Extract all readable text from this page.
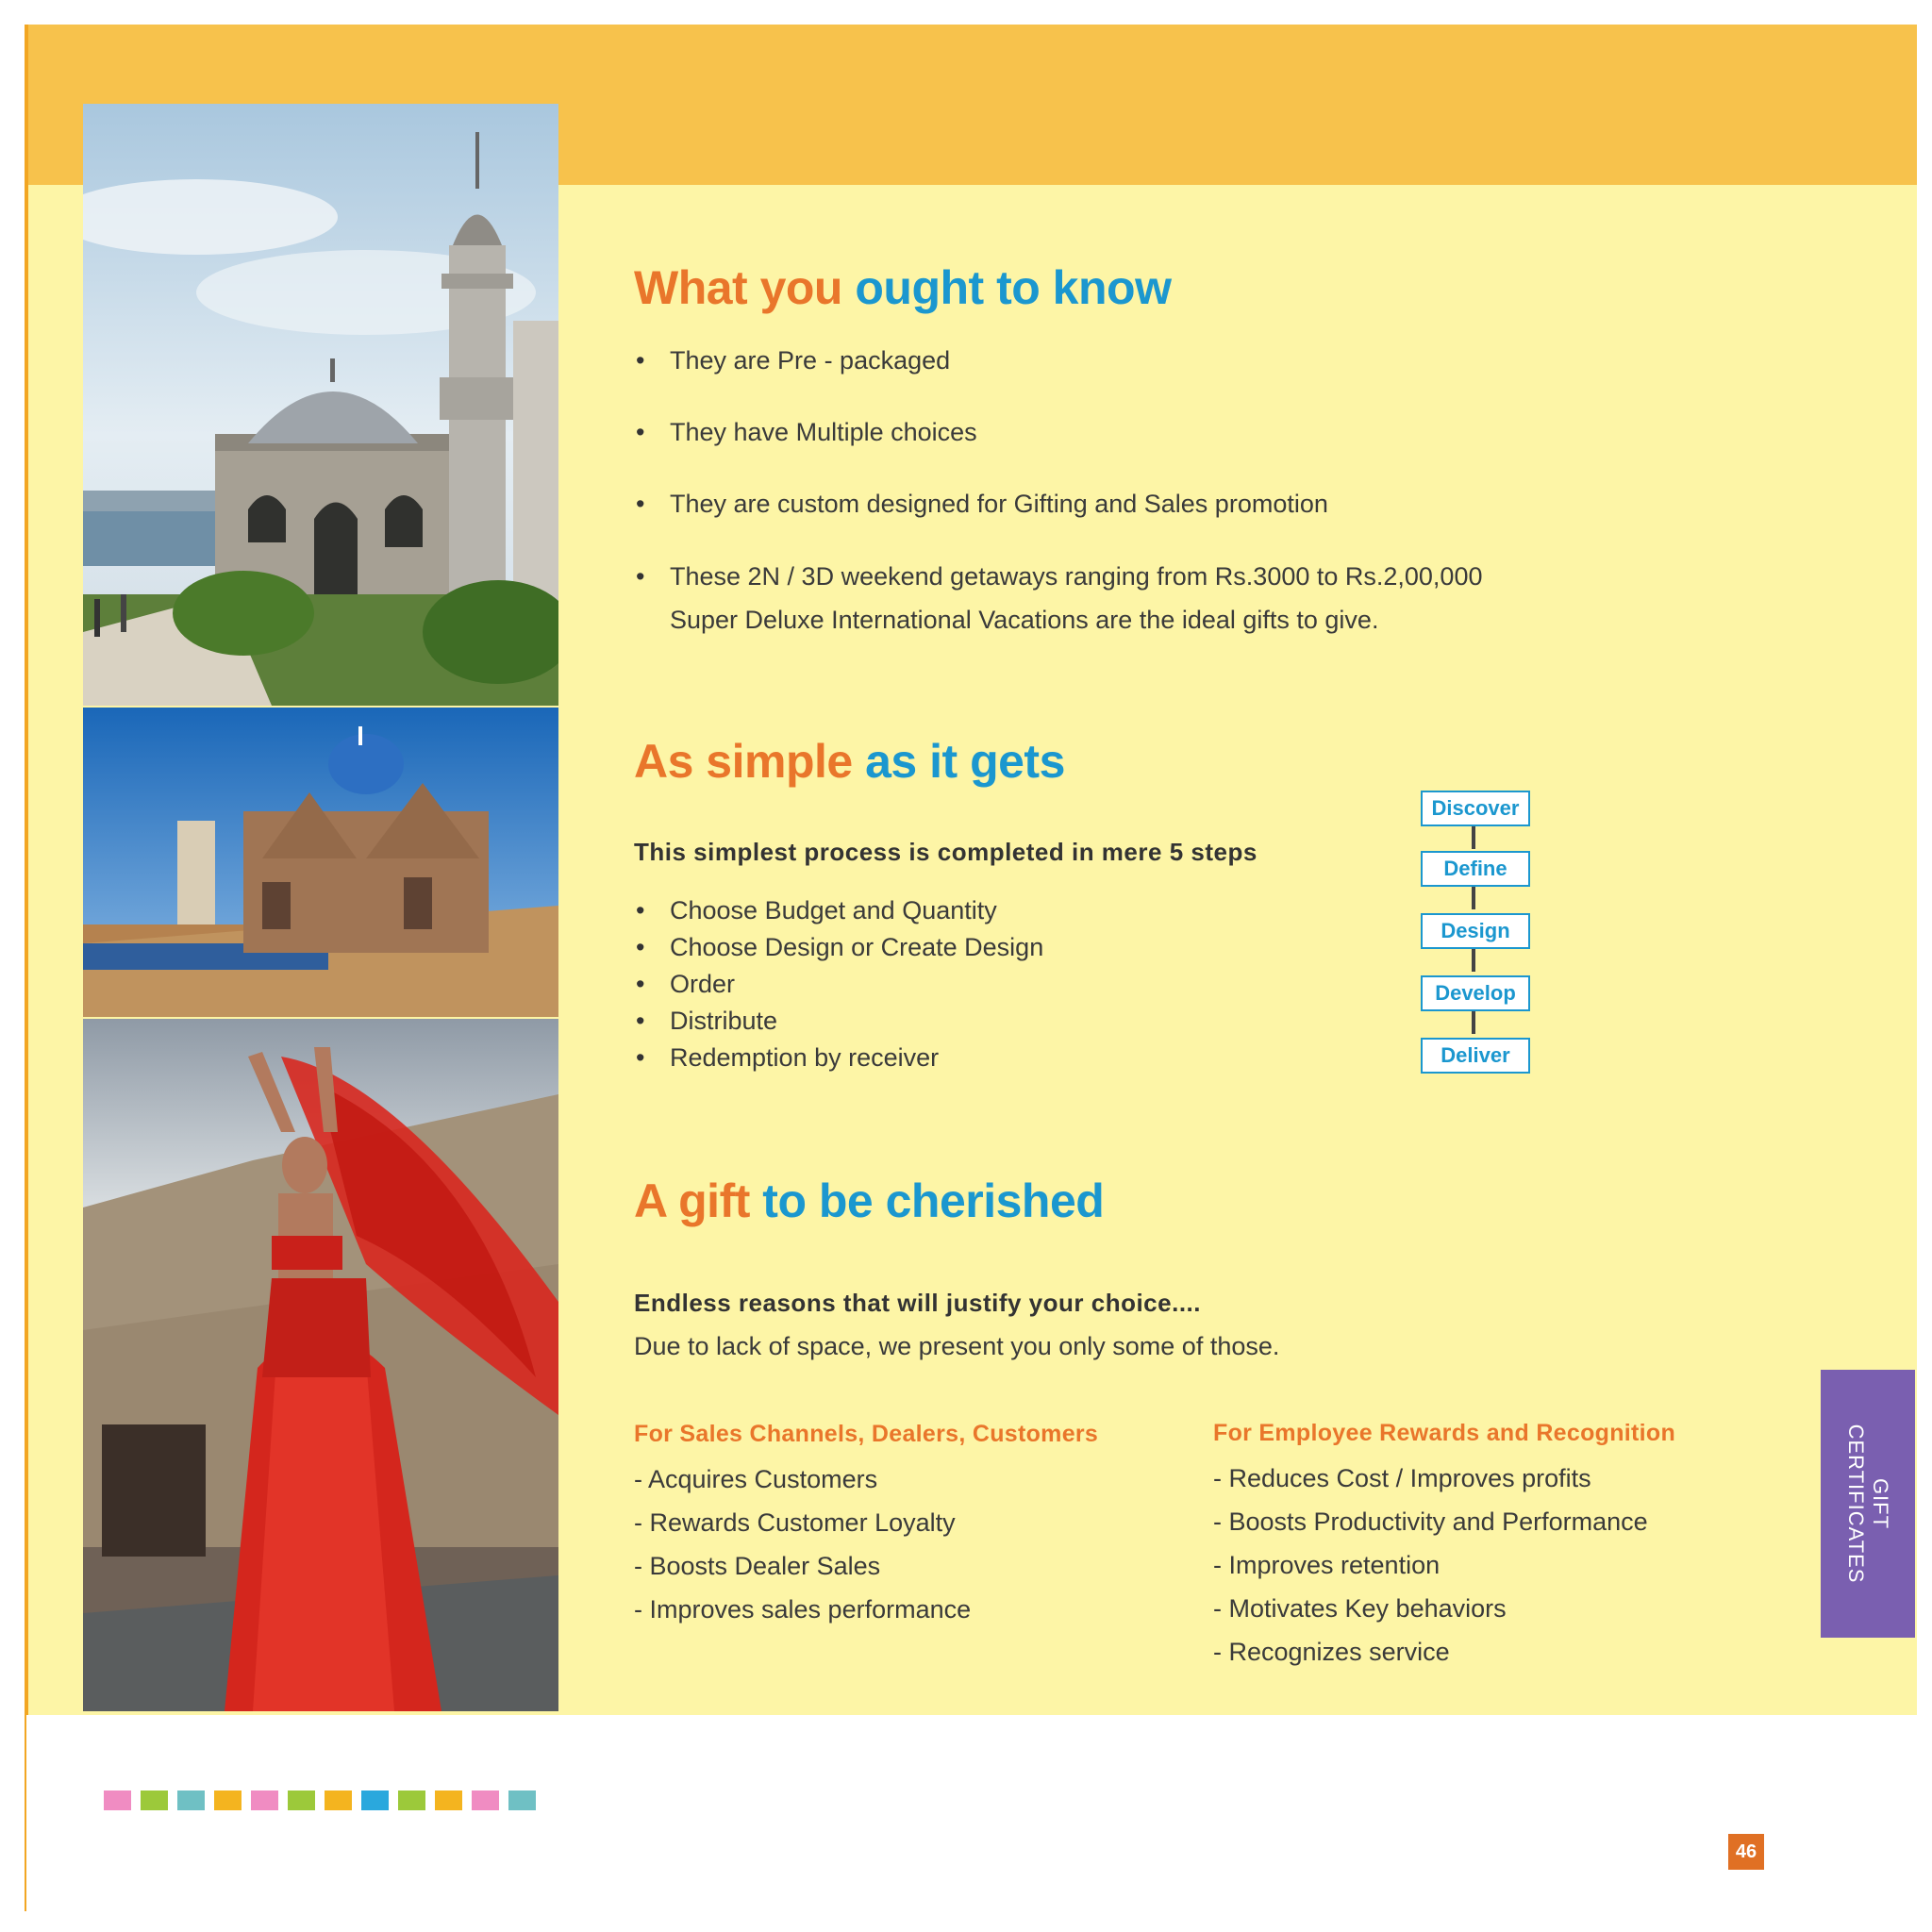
What you ought to know
• They are Pre - packaged
• They have Multiple choices
• They are custom designed for Gifting and Sales promotion
• These 2N / 3D weekend getaways ranging from Rs.3000 to Rs.2,00,000
Super Deluxe International Vacations are the ideal gifts to give.
As simple as it gets
This simplest process is completed in mere 5 steps
• Choose Budget and Quantity
• Choose Design or Create Design
• Order
• Distribute
• Redemption by receiver
Discover
Define
Design
Develop
Deliver
A gift to be cherished
Endless reasons that will justify your choice....
Due to lack of space, we present you only some of those.
For Sales Channels, Dealers, Customers
- Acquires Customers
- Rewards Customer Loyalty
- Boosts Dealer Sales
- Improves sales performance
For Employee Rewards and Recognition
- Reduces Cost / Improves profits
- Boosts Productivity and Performance
- Improves retention
- Motivates Key behaviors
- Recognizes service
GIFT
CERTIFICATES
46
